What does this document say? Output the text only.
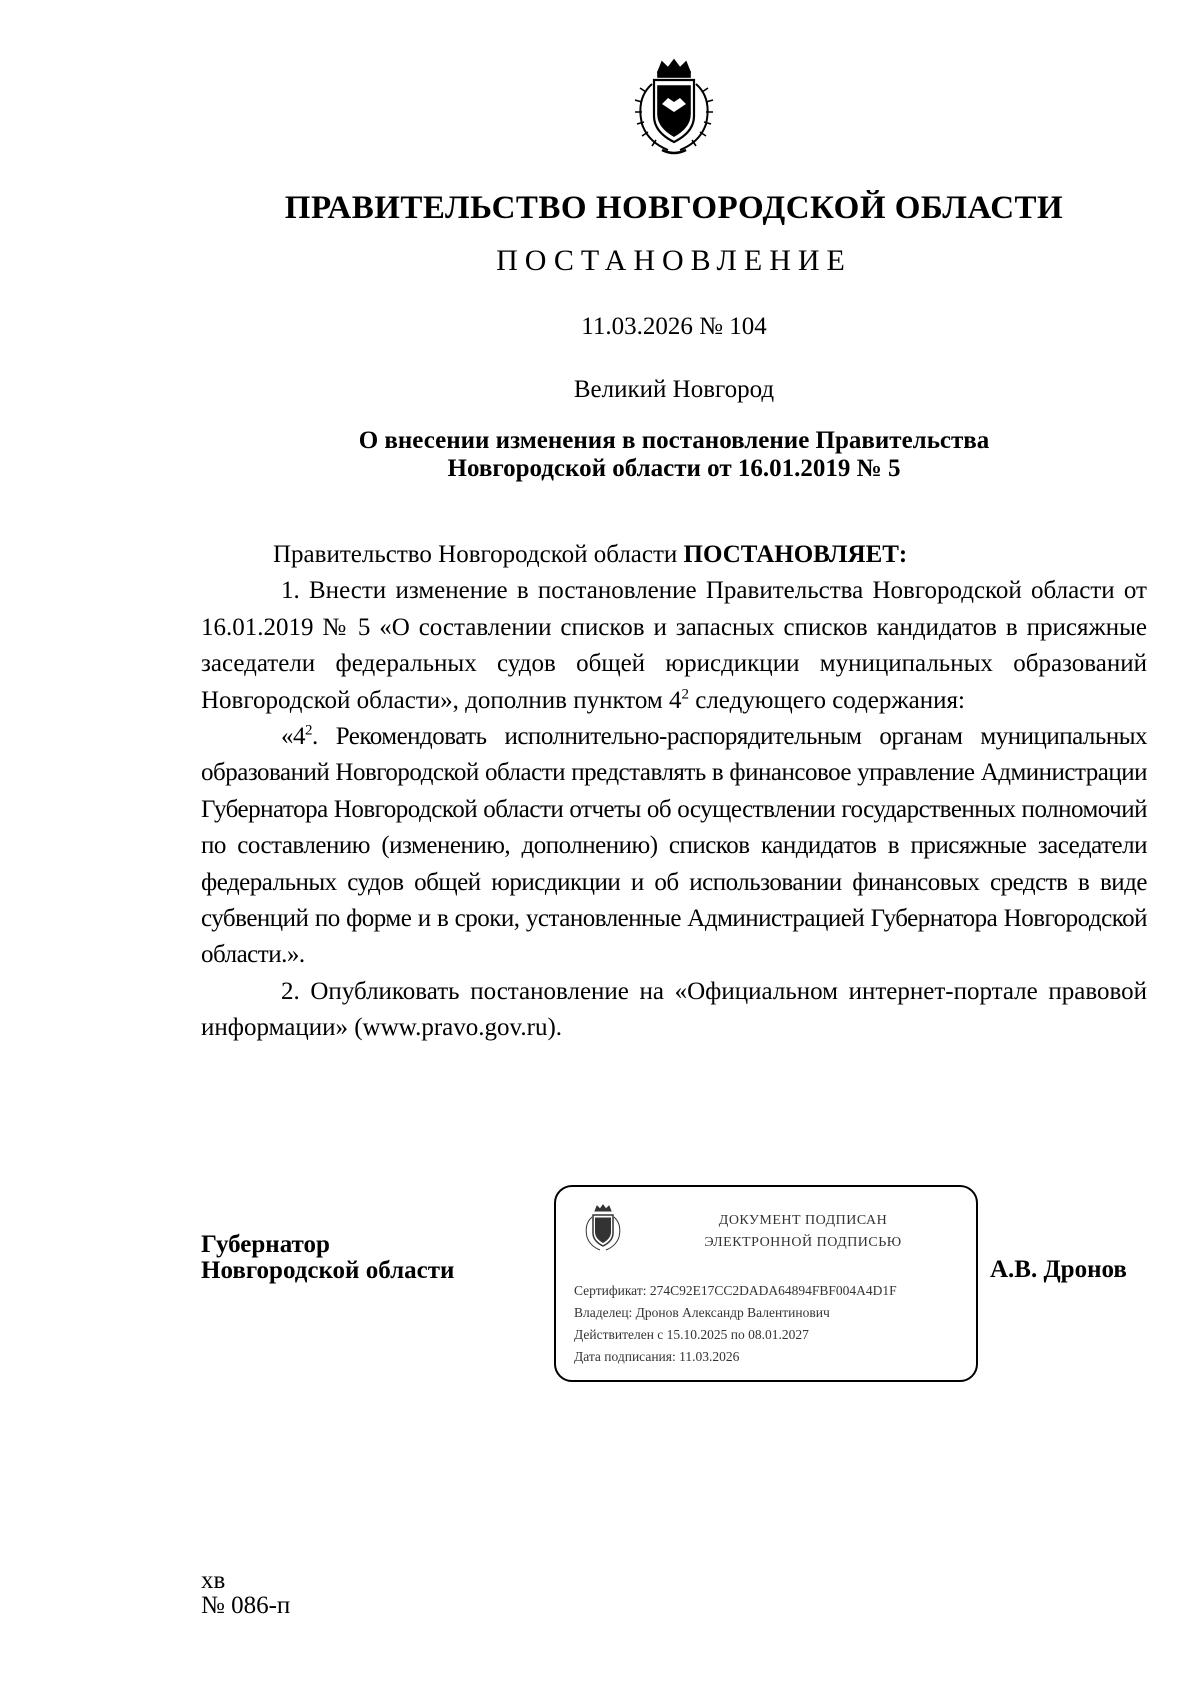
ПРАВИТЕЛЬСТВО НОВГОРОДСКОЙ ОБЛАСТИ
ПОСТАНОВЛЕНИЕ
11.03.2026 № 104
Великий Новгород
О внесении изменения в постановление Правительства
Новгородской области от 16.01.2019 № 5

Правительство Новгородской области ПОСТАНОВЛЯЕТ:

1. Внести изменение в постановление Правительства Новгородской области от 16.01.2019 № 5 «О составлении списков и запасных списков кандидатов в присяжные заседатели федеральных судов общей юрисдикции муниципальных образований Новгородской области», дополнив пунктом $4^2$ следующего содержания:

«$4^2$. Рекомендовать исполнительно-распорядительным органам муниципальных образований Новгородской области представлять в финансовое управление Администрации Губернатора Новгородской области отчеты об осуществлении государственных полномочий по составлению (изменению, дополнению) списков кандидатов в присяжные заседатели федеральных судов общей юрисдикции и об использовании финансовых средств в виде субвенций по форме и в сроки, установленные Администрацией Губернатора Новгородской области.».

2. Опубликовать постановление на «Официальном интернет-портале правовой информации» (www.pravo.gov.ru).

Губернатор
Новгородской области
ДОКУМЕНТ ПОДПИСАН
ЭЛЕКТРОННОЙ ПОДПИСЬЮ
Сертификат: 274C92E17CC2DADA64894FBF004A4D1F
Владелец: Дронов Александр Валентинович
Действителен с 15.10.2025 по 08.01.2027
Дата подписания: 11.03.2026
А.В. Дронов
хв
№ 086-п
